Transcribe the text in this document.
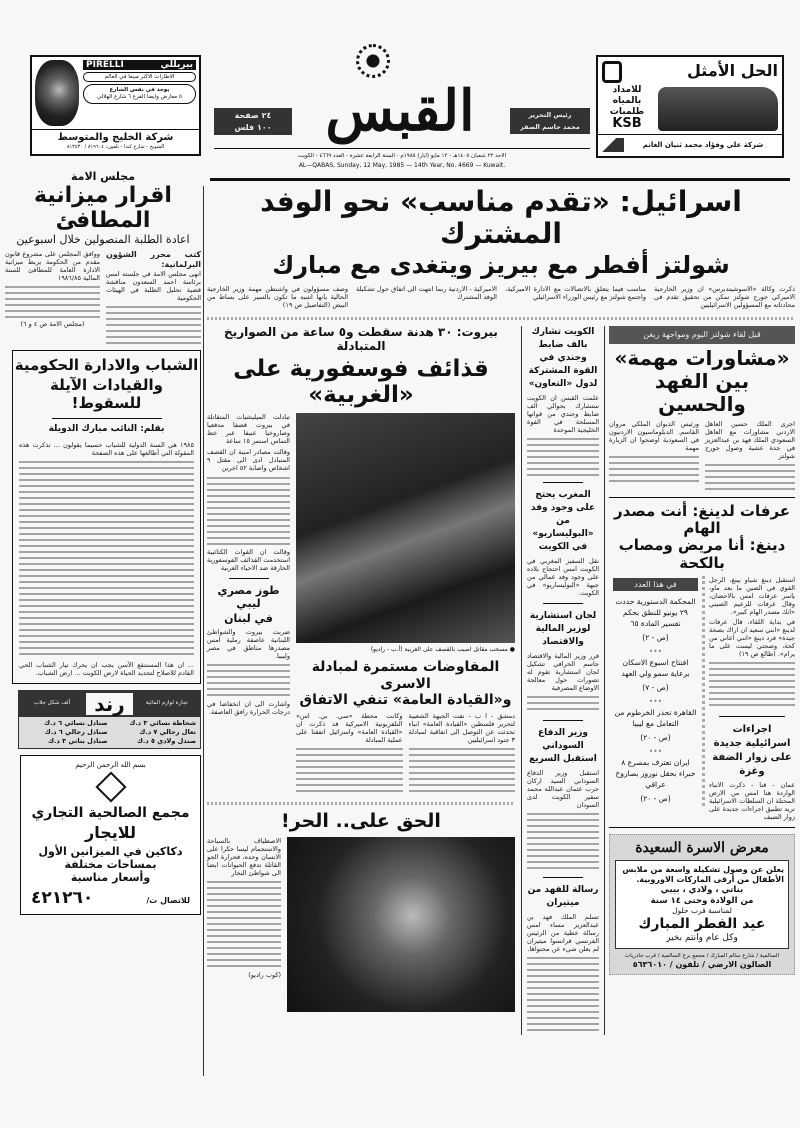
القبس
٢٤ صفحة
١٠٠ فلس
رئيس التحرير
محمد جاسم الصقر
الاحد ٢٢ شعبان ١٤٠٥هـ - ١٢ مايو (ايار) ١٩٨٥م - السنة الرابعة عشرة - العدد ٤٦٦٩ - الكويت
AL—QABAS, Sunday, 12 May, 1985 — 14th Year, No. 4669 — Kuwait.
الحل الأمثل
للامداد
بالمياه
طلمبات
KSB
شركة علي وفؤاد محمد ثنيان الغانم
PIRELLI	بيريللي
الاطارات الاكثر مبيعا في العالم
يوجد في نفس الشارع
٥ معارض وايضا الفرع ٦ شارع الهلالي
شركة الخليج والمتوسط
الشويخ - شارع كندا - تلفون: ٨١٩٦٠٤ / ٨١٣٤٣٠
مجلس الامة
اقرار ميزانية المطافئ
اعادة الطلبة المنصولين خلال اسبوعين
كتب محرر الشؤون البرلمانية:
انهى مجلس الامة في جلسته امس برئاسة احمد السعدون مناقشة قضية تحليل الطلبة في الهيئات الحكومية
ووافق المجلس على مشروع قانون مقدم من الحكومة يربط ميزانية الادارة العامة للمطافئ للسنة المالية ١٩٨٦/٨٥
(مجلس الامة ص ٤ و ٦)
الشباب والادارة الحكومية
والقيادات الآيلة للسقوط!
بقلم: النائب مبارك الدويلة
١٩٨٥ هي السنة الدولية للشباب حسبما يقولون ... تذكرت هذه المقولة التي أطالعها على هذه الصفحة
... ان هذا المستنقع الآسن يجب ان يحرك تيار الشباب الحي القادم للاصلاح لتجديد الحياة لارض الكويت ... ارض الشباب.
تجارة لوازم المائية
رند
ألف شكل جلاب
شحاطة نسائي ٣ د.ك
صنادل نسائي ٦ د.ك
تعال رجالي ٧ د.ك
صنادل رجالي ٦ د.ك
صندل ولادي ٥ د.ك
صنادل بناتي ٣ د.ك
بسم الله الرحمن الرحيم
مجمع الصالحية التجاري
للايجار
دكاكين في الميزانين الأول
بمساحات مختلفة
وأسعار مناسبة
للاتصال ت/
٤٢١٢٦٠
اسرائيل: «تقدم مناسب» نحو الوفد المشترك
شولتز أفطر مع بيريز ويتغدى مع مبارك
ذكرت وكالة «الاسوشيتدبرس» ان وزير الخارجية الاميركي جورج شولتز تمكن من تحقيق تقدم في محادثاته مع المسؤولين الاسرائيليين
مناسب فيما يتعلق بالاتصالات مع الادارة الاميركية، واجتمع شولتز مع رئيس الوزراء الاسرائيلي
الاميركية - الاردنية ربما انتهت الى اتفاق حول تشكيلة الوفد المشترك
وصف مسؤولون في واشنطن مهمة وزير الخارجية الحالية بانها اشبه ما تكون بالسير على بساط من البيض (التفاصيل ص ١٩)
قبل لقاء شولتز اليوم ومواجهة ريغن
«مشاورات مهمة»
بين الفهد والحسين
اجرى الملك حسين العاهل الاردني مشاورات مع العاهل السعودي الملك فهد بن عبدالعزيز في جدة عشية وصول جورج شولتز
ورئيس الديوان الملكي مروان القاسم. الدبلوماسيون الاردنيون في السعودية اوضحوا ان الزيارة مهمة
عرفات لدينغ: أنت مصدر الهام
دينغ: أنا مريض ومصاب بالكحة
استقبل دينغ شياو بينغ، الرجل القوي في الصين ما بعد ماو، ياسر عرفات امس بالاحضان، وقال عرفات للزعيم الصيني «انك مصدر الهام كبير».
في بداية اللقاء، قال عرفات لدينغ «انني سعيد ان اراك بصحة جيدة» فرد دينغ «انني اعاني من كحة، وصحتي ليست على ما يرام». (طالع ص ١٩)
اجراءات اسرائيلية جديدة على زوار الضفة وغزة
عمان - قنا - ذكرت الانباء الواردة هنا امس من الارض المحتلة ان السلطات الاسرائيلية تريد تطبيق اجراءات جديدة على زوار الصيف
في هذا العدد
المحكمة الدستورية حددت ٢٩ يونيو للنطق بحكم تفسير المادة ٦٥
(ص - ٢)
•••
افتتاح اسبوع الاسكان برعاية سمو ولي العهد
(ص - ٧)
•••
القاهرة تحذر الخرطوم من التعامل مع ليبيا
(ص - ٢٠)
•••
ايران تعترف بمصرع ٨ خبراء بحقل نوروز بصاروخ عراقي
(ص - ٢٠)
معرض الاسرة السعيدة
يعلن عن وصول تشكيلة واسعة من ملابس الأطفال من أرقى الماركات الاوروبية.
بناتي ، ولادي ، بيبي
من الولادة وحتى ١٤ سنة
لمناسبة قرب حلول
عيد الفطر المبارك
وكل عام وانتم بخير
السالمية / شارع سالم المبارك / مجمع برج السالمية / قرب جادريات
الصالون الارضي / تلفون / ٥٦٣٦٠١٠
الكويت تشارك بالف ضابط وجندي في القوة المشتركة لدول «التعاون»
علمت القبس ان الكويت ستشارك بحوالي الف ضابط وجندي من قواتها المسلحة في القوة الخليجية الموحدة
المغرب يحتج على وجود وفد من «البوليساريو» في الكويت
نقل السفير المغربي في الكويت امس احتجاج بلاده على وجود وفد عمالي من جبهة «البوليساريو» في الكويت.
لجان استشارية لوزير المالية والاقتصاد
قرر وزير المالية والاقتصاد جاسم الخرافي تشكيل لجان استشارية تقوم له تصورات حول معالجة الاوضاع المصرفية
وزير الدفاع السوداني استقبل السريع
استقبل وزير الدفاع السوداني السيد اركان حرب عثمان عبدالله محمد سفير الكويت لدى السودان
رسالة للفهد من ميتيران
تسلم الملك فهد بن عبدالعزيز مساء امس رسالة خطية من الرئيس الفرنسي فرانسوا ميتيران لم يعلن شيء عن محتواها.
بيروت: ٣٠ هدنة سقطت و٥ ساعة من الصواريخ المتبادلة
قذائف فوسفورية على «الغربية»
● مسحب مقاتل اصيب بالقصف على الغربية (أ.ب - راديو)
المفاوضات مستمرة لمبادلة الاسرى
و«القيادة العامة» تنفي الاتفاق
دمشق - ا ب - نفت الجبهة الشعبية لتحرير فلسطين «القيادة العامة» انباء تحدثت عن التوصل الى اتفاقية لمبادلة ٣ جنود اسرائيليين
وكانت محطة «سي. بي. اس» التلفزيونية الاميركية قد ذكرت ان «القيادة العامة» واسرائيل اتفقتا على عملية المبادلة
تبادلت الميليشيات المتقاتلة في بيروت قصفا مدفعيا وصاروخيا عنيفا عبر خط التماس استمر ١٥ ساعة
وقالت مصادر امنية ان القصف المتبادل ادى الى مقتل ٩ اشخاص واصابة ٥٢ اخرين
وقالت ان القوات الكتائبية استخدمت القذائف الفوسفورية الحارقة ضد الاحياء الغربية
طوز مصري ليبي
في لبنان
ضربت بيروت والشواطئ اللبنانية عاصفة رملية امس مصدرها مناطق في مصر وليبيا.
واشارت الى ان انخفاضا في درجات الحرارة رافق العاصفة.
الحق على.. الحر!
الاصطياف بالسباحة والاستجمام ليسا حكرا على الانسان وحده، فحرارة الجو القاتلة تدفع الحيوانات ايضا الى شواطئ البحار
(كوب راديو)
